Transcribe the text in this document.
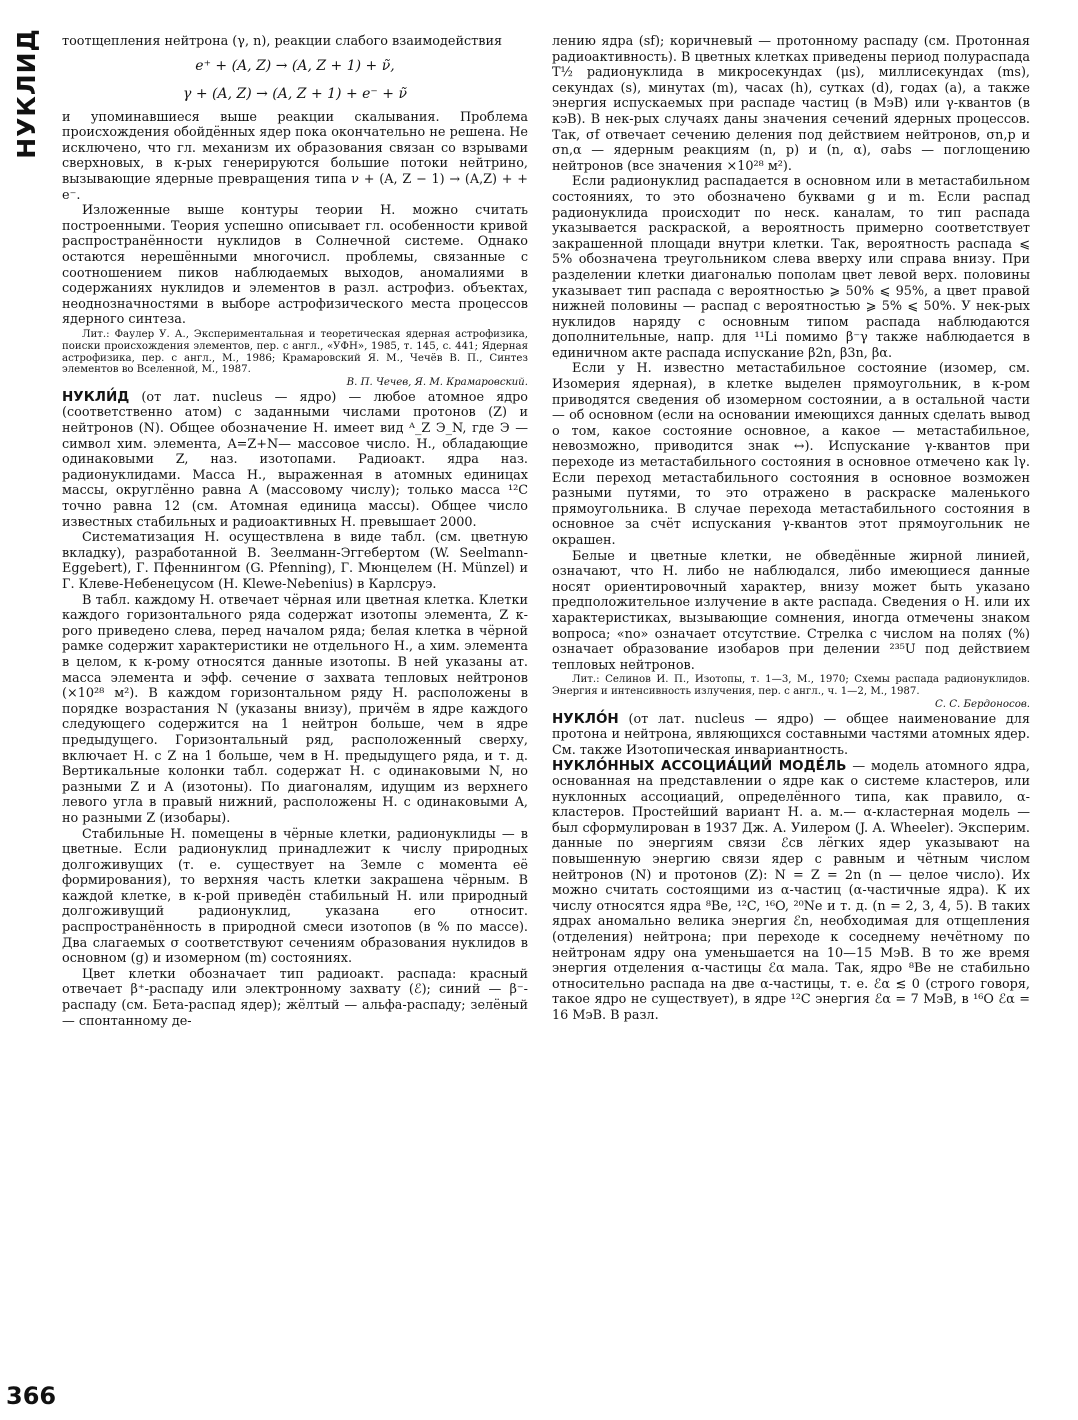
НУКЛИД
366

тоотщепления нейтрона (γ, n), реакции слабого взаимодействия

e⁺ + (A, Z) → (A, Z + 1) + ν̃,
γ + (A, Z) → (A, Z + 1) + e⁻ + ν̃

и упоминавшиеся выше реакции скалывания. Проблема происхождения обойдённых ядер пока окончательно не решена. Не исключено, что гл. механизм их образования связан со взрывами сверхновых, в к-рых генерируются большие потоки нейтрино, вызывающие ядерные превращения типа ν + (A, Z − 1) → (A,Z) + + e⁻.

Изложенные выше контуры теории Н. можно считать построенными. Теория успешно описывает гл. особенности кривой распространённости нуклидов в Солнечной системе. Однако остаются нерешёнными многочисл. проблемы, связанные с соотношением пиков наблюдаемых выходов, аномалиями в содержаниях нуклидов и элементов в разл. астрофиз. объектах, неоднозначностями в выборе астрофизического места процессов ядерного синтеза.

Лит.: Фаулер У. А., Экспериментальная и теоретическая ядерная астрофизика, поиски происхождения элементов, пер. с англ., «УФН», 1985, т. 145, с. 441; Ядерная астрофизика, пер. с англ., М., 1986; Крамаровский Я. М., Чечёв В. П., Синтез элементов во Вселенной, М., 1987.

В. П. Чечев, Я. М. Крамаровский.

НУКЛИ́Д (от лат. nucleus — ядро) — любое атомное ядро (соответственно атом) с заданными числами протонов (Z) и нейтронов (N). Общее обозначение Н. имеет вид ᴬ_Z Э_N, где Э — символ хим. элемента, A=Z+N— массовое число. Н., обладающие одинаковыми Z, наз. изотопами. Радиоакт. ядра наз. радионуклидами. Масса Н., выраженная в атомных единицах массы, округлённо равна A (массовому числу); только масса ¹²C точно равна 12 (см. Атомная единица массы). Общее число известных стабильных и радиоактивных Н. превышает 2000.

Систематизация Н. осуществлена в виде табл. (см. цветную вкладку), разработанной В. Зеелманн-Эггебертом (W. Seelmann-Eggebert), Г. Пфеннингом (G. Pfenning), Г. Мюнцелем (H. Münzel) и Г. Клеве-Небенецусом (H. Klewe-Nebenius) в Карлсруэ.

В табл. каждому Н. отвечает чёрная или цветная клетка. Клетки каждого горизонтального ряда содержат изотопы элемента, Z к-рого приведено слева, перед началом ряда; белая клетка в чёрной рамке содержит характеристики не отдельного Н., а хим. элемента в целом, к к-рому относятся данные изотопы. В ней указаны ат. масса элемента и эфф. сечение σ захвата тепловых нейтронов (×10²⁸ м²). В каждом горизонтальном ряду Н. расположены в порядке возрастания N (указаны внизу), причём в ядре каждого следующего содержится на 1 нейтрон больше, чем в ядре предыдущего. Горизонтальный ряд, расположенный сверху, включает Н. с Z на 1 больше, чем в Н. предыдущего ряда, и т. д. Вертикальные колонки табл. содержат Н. с одинаковыми N, но разными Z и A (изотоны). По диагоналям, идущим из верхнего левого угла в правый нижний, расположены Н. с одинаковыми A, но разными Z (изобары).

Стабильные Н. помещены в чёрные клетки, радионуклиды — в цветные. Если радионуклид принадлежит к числу природных долгоживущих (т. е. существует на Земле с момента её формирования), то верхняя часть клетки закрашена чёрным. В каждой клетке, в к-рой приведён стабильный Н. или природный долгоживущий радионуклид, указана его относит. распространённость в природной смеси изотопов (в % по массе). Два слагаемых σ соответствуют сечениям образования нуклидов в основном (g) и изомерном (m) состояниях.

Цвет клетки обозначает тип радиоакт. распада: красный отвечает β⁺-распаду или электронному захвату (ℰ); синий — β⁻-распаду (см. Бета-распад ядер); жёлтый — альфа-распаду; зелёный — спонтанному де-

лению ядра (sf); коричневый — протонному распаду (см. Протонная радиоактивность). В цветных клетках приведены период полураспада T½ радионуклида в микросекундах (μs), миллисекундах (ms), секундах (s), минутах (m), часах (h), сутках (d), годах (a), а также энергия испускаемых при распаде частиц (в МэВ) или γ-квантов (в кэВ). В нек-рых случаях даны значения сечений ядерных процессов. Так, σf отвечает сечению деления под действием нейтронов, σn,p и σn,α — ядерным реакциям (n, p) и (n, α), σabs — поглощению нейтронов (все значения ×10²⁸ м²).

Если радионуклид распадается в основном или в метастабильном состояниях, то это обозначено буквами g и m. Если распад радионуклида происходит по неск. каналам, то тип распада указывается раскраской, а вероятность примерно соответствует закрашенной площади внутри клетки. Так, вероятность распада ⩽ 5% обозначена треугольником слева вверху или справа внизу. При разделении клетки диагональю пополам цвет левой верх. половины указывает тип распада с вероятностью ⩾ 50% ⩽ 95%, а цвет правой нижней половины — распад с вероятностью ⩾ 5% ⩽ 50%. У нек-рых нуклидов наряду с основным типом распада наблюдаются дополнительные, напр. для ¹¹Li помимо β⁻γ также наблюдается в единичном акте распада испускание β2n, β3n, βα.

Если у Н. известно метастабильное состояние (изомер, см. Изомерия ядерная), в клетке выделен прямоугольник, в к-ром приводятся сведения об изомерном состоянии, а в остальной части — об основном (если на основании имеющихся данных сделать вывод о том, какое состояние основное, а какое — метастабильное, невозможно, приводится знак ↔). Испускание γ-квантов при переходе из метастабильного состояния в основное отмечено как lγ. Если переход метастабильного состояния в основное возможен разными путями, то это отражено в раскраске маленького прямоугольника. В случае перехода метастабильного состояния в основное за счёт испускания γ-квантов этот прямоугольник не окрашен.

Белые и цветные клетки, не обведённые жирной линией, означают, что Н. либо не наблюдался, либо имеющиеся данные носят ориентировочный характер, внизу может быть указано предположительное излучение в акте распада. Сведения о Н. или их характеристиках, вызывающие сомнения, иногда отмечены знаком вопроса; «no» означает отсутствие. Стрелка с числом на полях (%) означает образование изобаров при делении ²³⁵U под действием тепловых нейтронов.

Лит.: Селинов И. П., Изотопы, т. 1—3, М., 1970; Схемы распада радионуклидов. Энергия и интенсивность излучения, пер. с англ., ч. 1—2, М., 1987.

С. С. Бердоносов.

НУКЛО́Н (от лат. nucleus — ядро) — общее наименование для протона и нейтрона, являющихся составными частями атомных ядер. См. также Изотопическая инвариантность.

НУКЛО́ННЫХ АССОЦИА́ЦИЙ МОДЕ́ЛЬ — модель атомного ядра, основанная на представлении о ядре как о системе кластеров, или нуклонных ассоциаций, определённого типа, как правило, α-кластеров. Простейший вариант Н. а. м.— α-кластерная модель — был сформулирован в 1937 Дж. А. Уилером (J. A. Wheeler). Эксперим. данные по энергиям связи ℰсв лёгких ядер указывают на повышенную энергию связи ядер с равным и чётным числом нейтронов (N) и протонов (Z): N = Z = 2n (n — целое число). Их можно считать состоящими из α-частиц (α-частичные ядра). К их числу относятся ядра ⁸Be, ¹²C, ¹⁶O, ²⁰Ne и т. д. (n = 2, 3, 4, 5). В таких ядрах аномально велика энергия ℰn, необходимая для отщепления (отделения) нейтрона; при переходе к соседнему нечётному по нейтронам ядру она уменьшается на 10—15 МэВ. В то же время энергия отделения α-частицы ℰα мала. Так, ядро ⁸Be не стабильно относительно распада на две α-частицы, т. е. ℰα ≲ 0 (строго говоря, такое ядро не существует), в ядре ¹²C энергия ℰα = 7 МэВ, в ¹⁶O ℰα = 16 МэВ. В разл.
